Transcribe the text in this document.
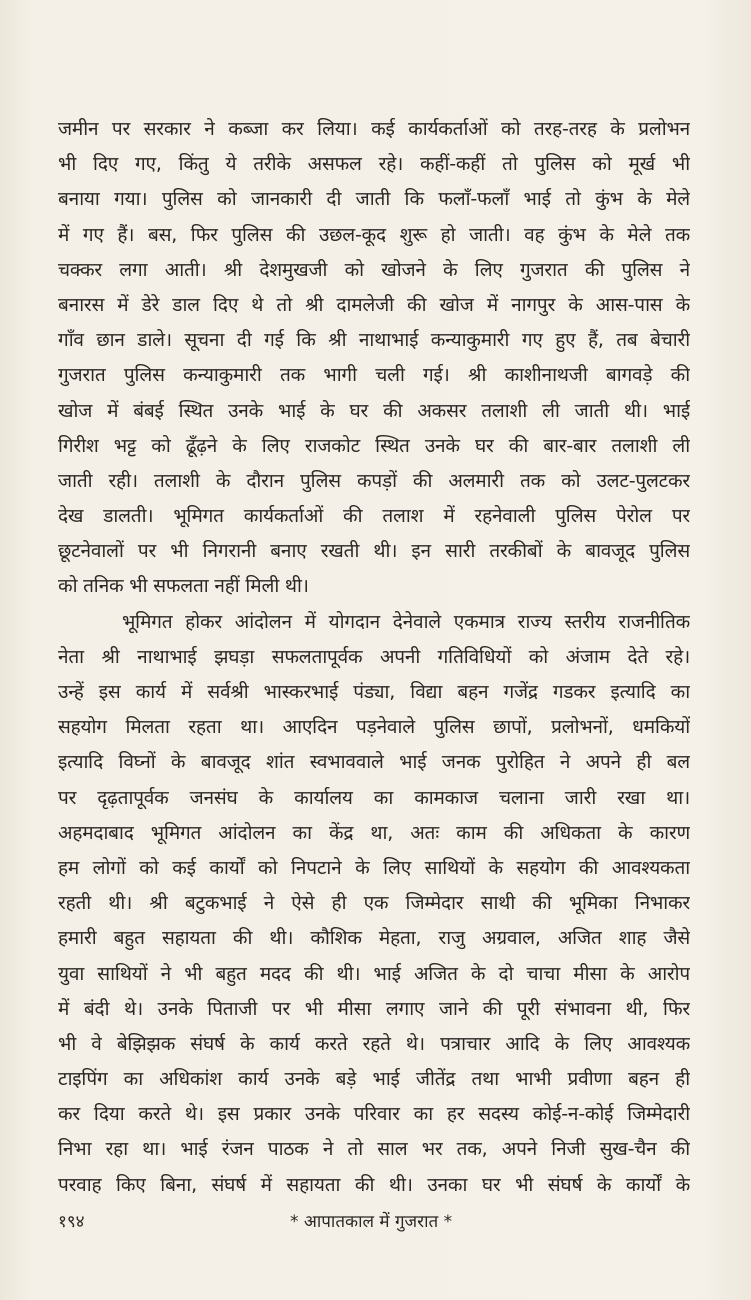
जमीन पर सरकार ने कब्जा कर लिया। कई कार्यकर्ताओं को तरह-तरह के प्रलोभन
भी दिए गए, किंतु ये तरीके असफल रहे। कहीं-कहीं तो पुलिस को मूर्ख भी
बनाया गया। पुलिस को जानकारी दी जाती कि फलाँ-फलाँ भाई तो कुंभ के मेले
में गए हैं। बस, फिर पुलिस की उछल-कूद शुरू हो जाती। वह कुंभ के मेले तक
चक्कर लगा आती। श्री देशमुखजी को खोजने के लिए गुजरात की पुलिस ने
बनारस में डेरे डाल दिए थे तो श्री दामलेजी की खोज में नागपुर के आस-पास के
गाँव छान डाले। सूचना दी गई कि श्री नाथाभाई कन्याकुमारी गए हुए हैं, तब बेचारी
गुजरात पुलिस कन्याकुमारी तक भागी चली गई। श्री काशीनाथजी बागवड़े की
खोज में बंबई स्थित उनके भाई के घर की अकसर तलाशी ली जाती थी। भाई
गिरीश भट्ट को ढूँढ़ने के लिए राजकोट स्थित उनके घर की बार-बार तलाशी ली
जाती रही। तलाशी के दौरान पुलिस कपड़ों की अलमारी तक को उलट-पुलटकर
देख डालती। भूमिगत कार्यकर्ताओं की तलाश में रहनेवाली पुलिस पेरोल पर
छूटनेवालों पर भी निगरानी बनाए रखती थी। इन सारी तरकीबों के बावजूद पुलिस
को तनिक भी सफलता नहीं मिली थी।
भूमिगत होकर आंदोलन में योगदान देनेवाले एकमात्र राज्य स्तरीय राजनीतिक
नेता श्री नाथाभाई झघड़ा सफलतापूर्वक अपनी गतिविधियों को अंजाम देते रहे।
उन्हें इस कार्य में सर्वश्री भास्करभाई पंड्या, विद्या बहन गजेंद्र गडकर इत्यादि का
सहयोग मिलता रहता था। आएदिन पड़नेवाले पुलिस छापों, प्रलोभनों, धमकियों
इत्यादि विघ्नों के बावजूद शांत स्वभाववाले भाई जनक पुरोहित ने अपने ही बल
पर दृढ़तापूर्वक जनसंघ के कार्यालय का कामकाज चलाना जारी रखा था।
अहमदाबाद भूमिगत आंदोलन का केंद्र था, अतः काम की अधिकता के कारण
हम लोगों को कई कार्यों को निपटाने के लिए साथियों के सहयोग की आवश्यकता
रहती थी। श्री बटुकभाई ने ऐसे ही एक जिम्मेदार साथी की भूमिका निभाकर
हमारी बहुत सहायता की थी। कौशिक मेहता, राजु अग्रवाल, अजित शाह जैसे
युवा साथियों ने भी बहुत मदद की थी। भाई अजित के दो चाचा मीसा के आरोप
में बंदी थे। उनके पिताजी पर भी मीसा लगाए जाने की पूरी संभावना थी, फिर
भी वे बेझिझक संघर्ष के कार्य करते रहते थे। पत्राचार आदि के लिए आवश्यक
टाइपिंग का अधिकांश कार्य उनके बड़े भाई जीतेंद्र तथा भाभी प्रवीणा बहन ही
कर दिया करते थे। इस प्रकार उनके परिवार का हर सदस्य कोई-न-कोई जिम्मेदारी
निभा रहा था। भाई रंजन पाठक ने तो साल भर तक, अपने निजी सुख-चैन की
परवाह किए बिना, संघर्ष में सहायता की थी। उनका घर भी संघर्ष के कार्यों के
१९४	* आपातकाल में गुजरात *
